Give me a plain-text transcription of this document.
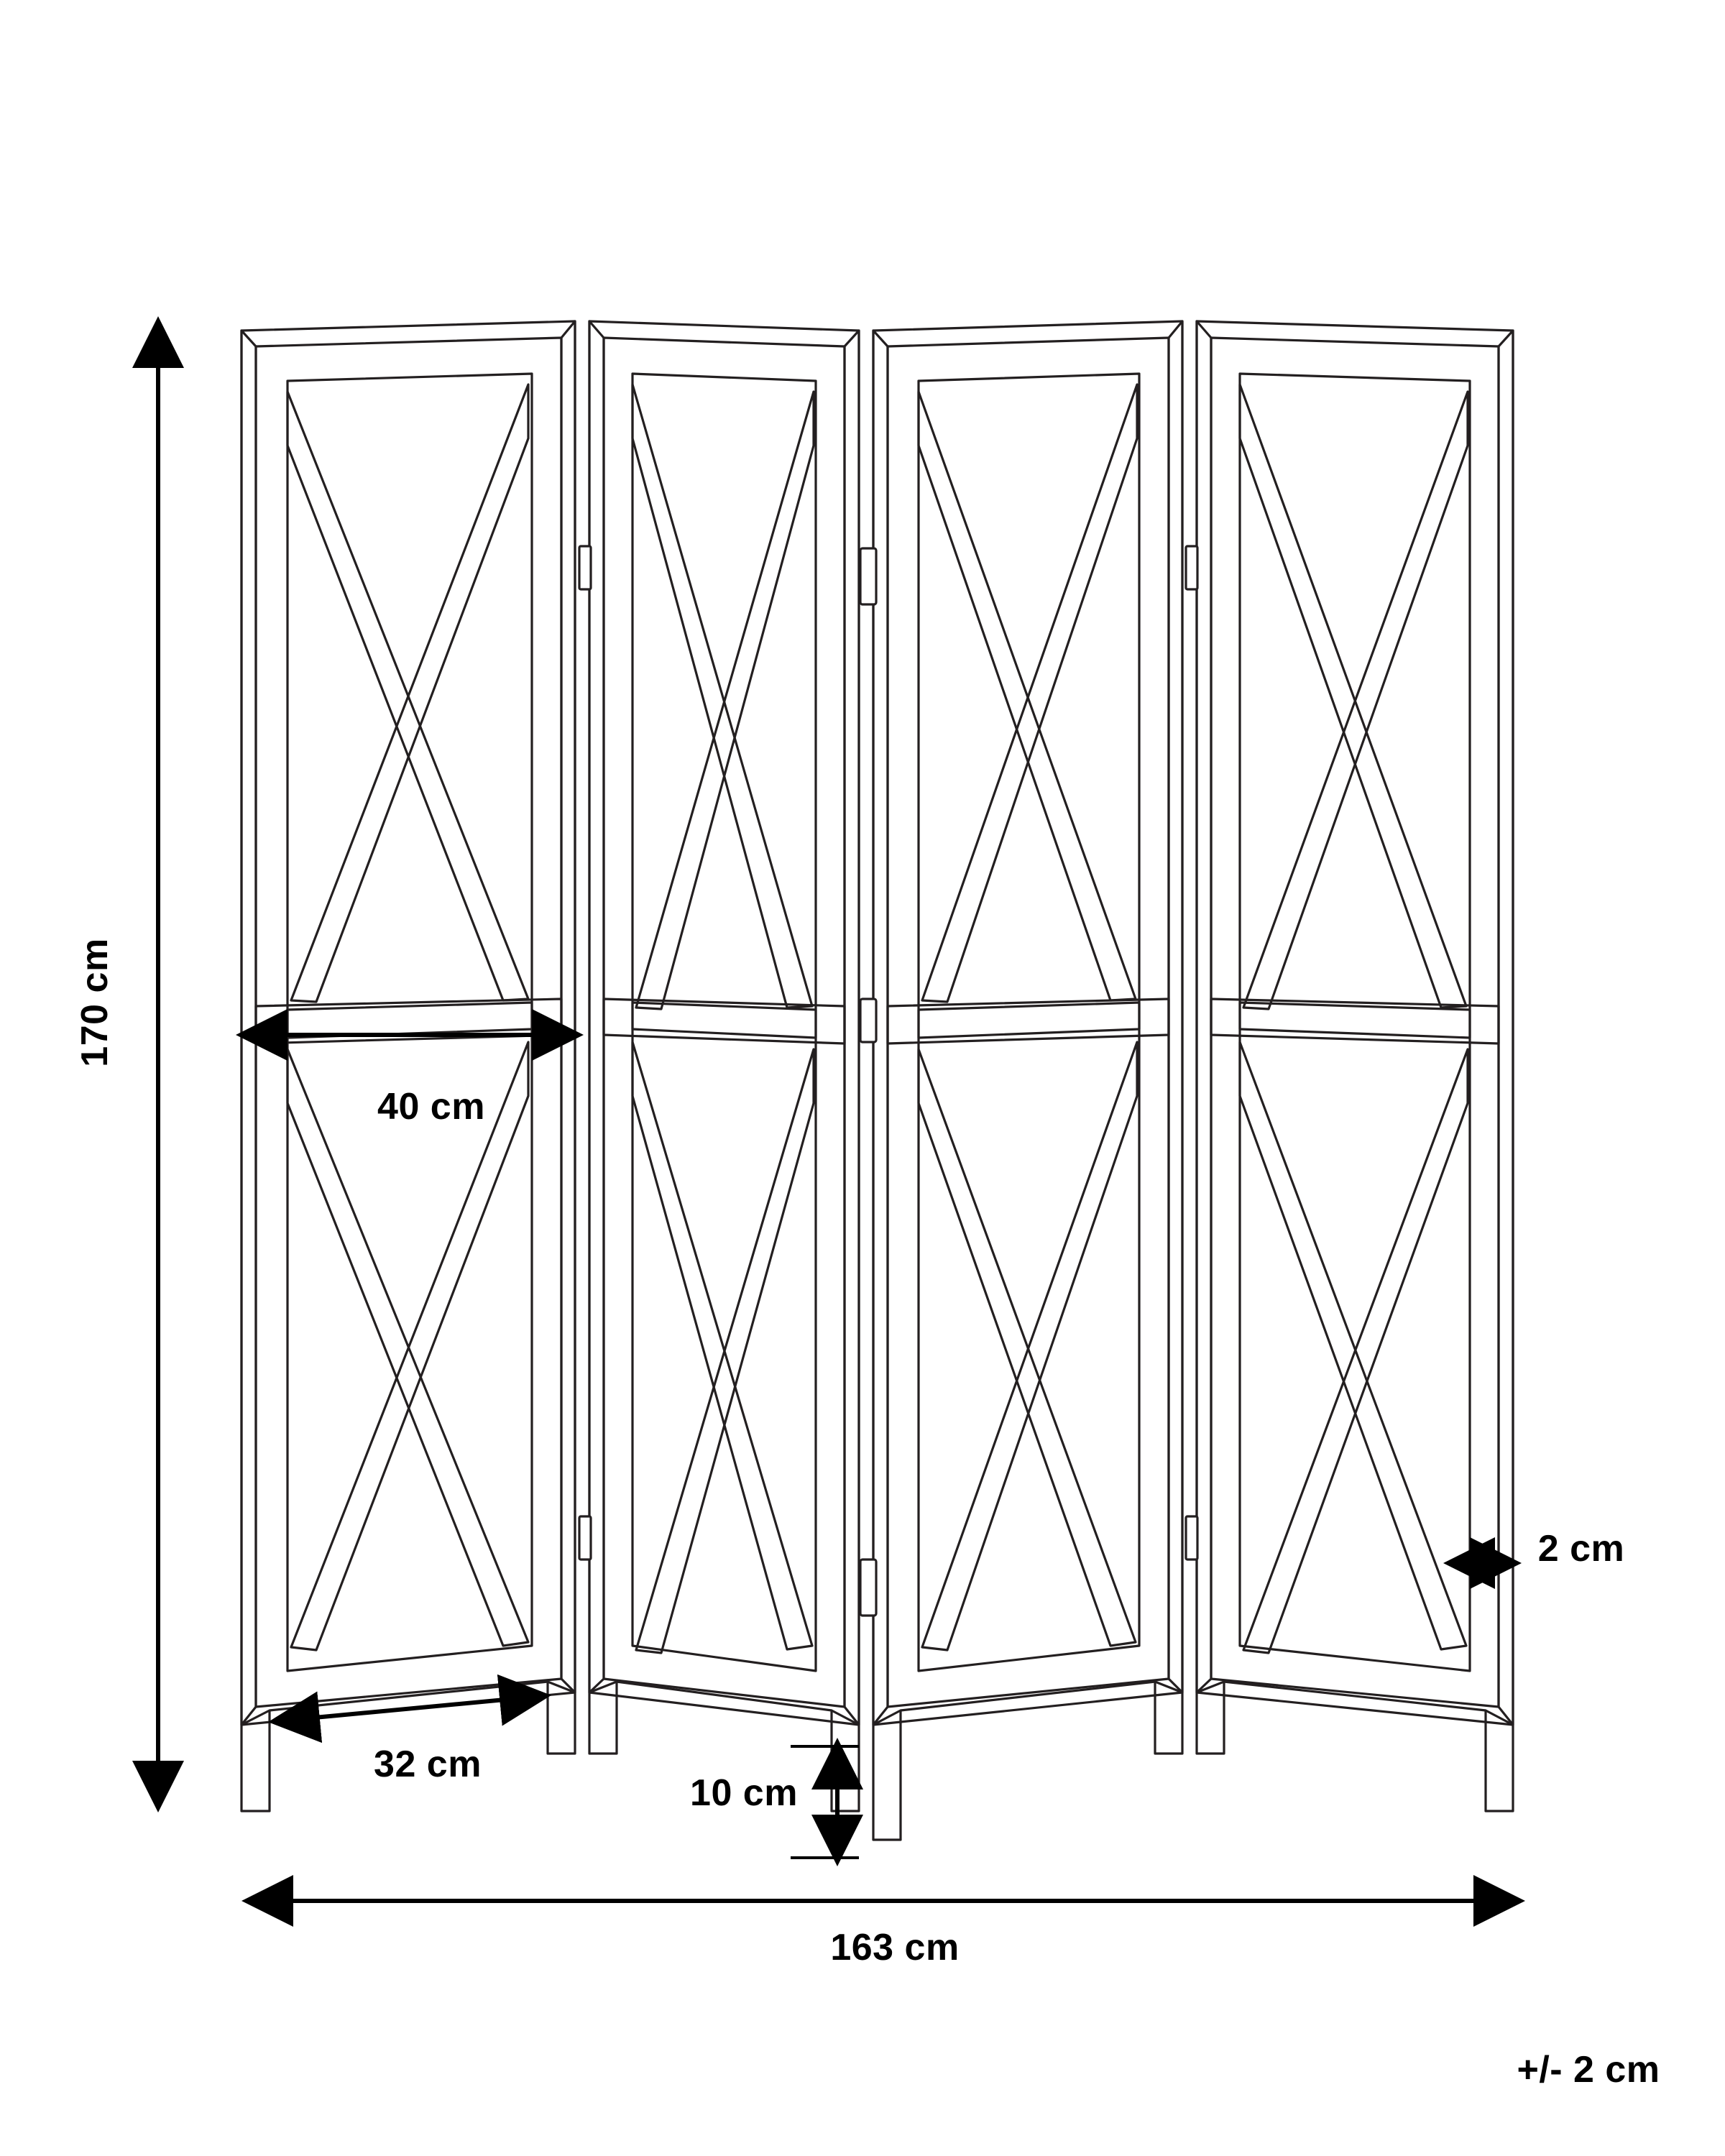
170 cm
40 cm
32 cm
10 cm
2 cm
163 cm
+/- 2 cm
